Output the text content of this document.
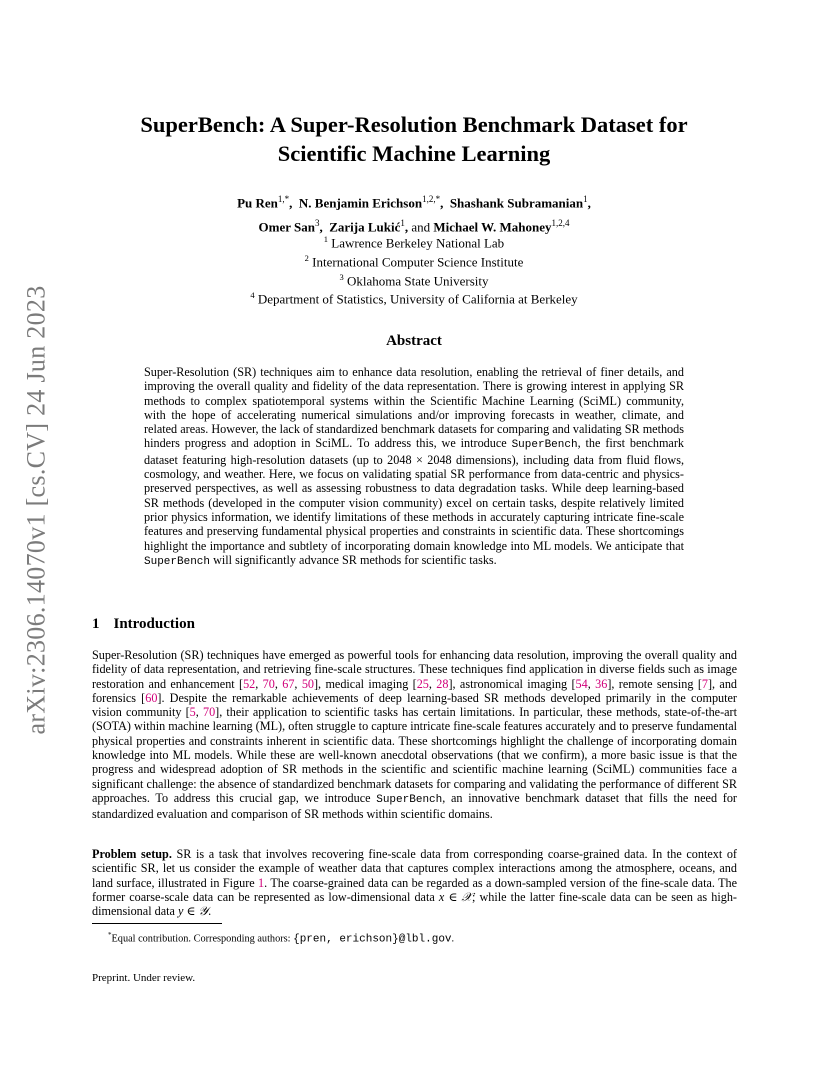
arXiv:2306.14070v1 [cs.CV] 24 Jun 2023
SuperBench: A Super-Resolution Benchmark Dataset for
Scientific Machine Learning
Pu Ren$^{1,*}$,  N. Benjamin Erichson$^{1,2,*}$,  Shashank Subramanian$^1$,
Omer San$^3$,  Zarija Lukić$^1$, and Michael W. Mahoney$^{1,2,4}$
$^1$ Lawrence Berkeley National Lab
$^2$ International Computer Science Institute
$^3$ Oklahoma State University
$^4$ Department of Statistics, University of California at Berkeley
Abstract
Super-Resolution (SR) techniques aim to enhance data resolution, enabling the retrieval of finer details, and improving the overall quality and fidelity of the data representation. There is growing interest in applying SR methods to complex spatiotemporal systems within the Scientific Machine Learning (SciML) community, with the hope of accelerating numerical simulations and/or improving forecasts in weather, climate, and related areas. However, the lack of standardized benchmark datasets for comparing and validating SR methods hinders progress and adoption in SciML. To address this, we introduce SuperBench, the first benchmark dataset featuring high-resolution datasets (up to 2048 × 2048 dimensions), including data from fluid flows, cosmology, and weather. Here, we focus on validating spatial SR performance from data-centric and physics-preserved perspectives, as well as assessing robustness to data degradation tasks. While deep learning-based SR methods (developed in the computer vision community) excel on certain tasks, despite relatively limited prior physics information, we identify limitations of these methods in accurately capturing intricate fine-scale features and preserving fundamental physical properties and constraints in scientific data. These shortcomings highlight the importance and subtlety of incorporating domain knowledge into ML models. We anticipate that SuperBench will significantly advance SR methods for scientific tasks.
1 Introduction
Super-Resolution (SR) techniques have emerged as powerful tools for enhancing data resolution, improving the overall quality and fidelity of data representation, and retrieving fine-scale structures. These techniques find application in diverse fields such as image restoration and enhancement [52, 70, 67, 50], medical imaging [25, 28], astronomical imaging [54, 36], remote sensing [7], and forensics [60]. Despite the remarkable achievements of deep learning-based SR methods developed primarily in the computer vision community [5, 70], their application to scientific tasks has certain limitations. In particular, these methods, state-of-the-art (SOTA) within machine learning (ML), often struggle to capture intricate fine-scale features accurately and to preserve fundamental physical properties and constraints inherent in scientific data. These shortcomings highlight the challenge of incorporating domain knowledge into ML models. While these are well-known anecdotal observations (that we confirm), a more basic issue is that the progress and widespread adoption of SR methods in the scientific and scientific machine learning (SciML) communities face a significant challenge: the absence of standardized benchmark datasets for comparing and validating the performance of different SR approaches. To address this crucial gap, we introduce SuperBench, an innovative benchmark dataset that fills the need for standardized evaluation and comparison of SR methods within scientific domains.
Problem setup. SR is a task that involves recovering fine-scale data from corresponding coarse-grained data. In the context of scientific SR, let us consider the example of weather data that captures complex interactions among the atmosphere, oceans, and land surface, illustrated in Figure 1. The coarse-grained data can be regarded as a down-sampled version of the fine-scale data. The former coarse-scale data can be represented as low-dimensional data x ∈ 𝒳; while the latter fine-scale data can be seen as high-dimensional data y ∈ 𝒴.
*Equal contribution. Corresponding authors: {pren, erichson}@lbl.gov.
Preprint. Under review.
